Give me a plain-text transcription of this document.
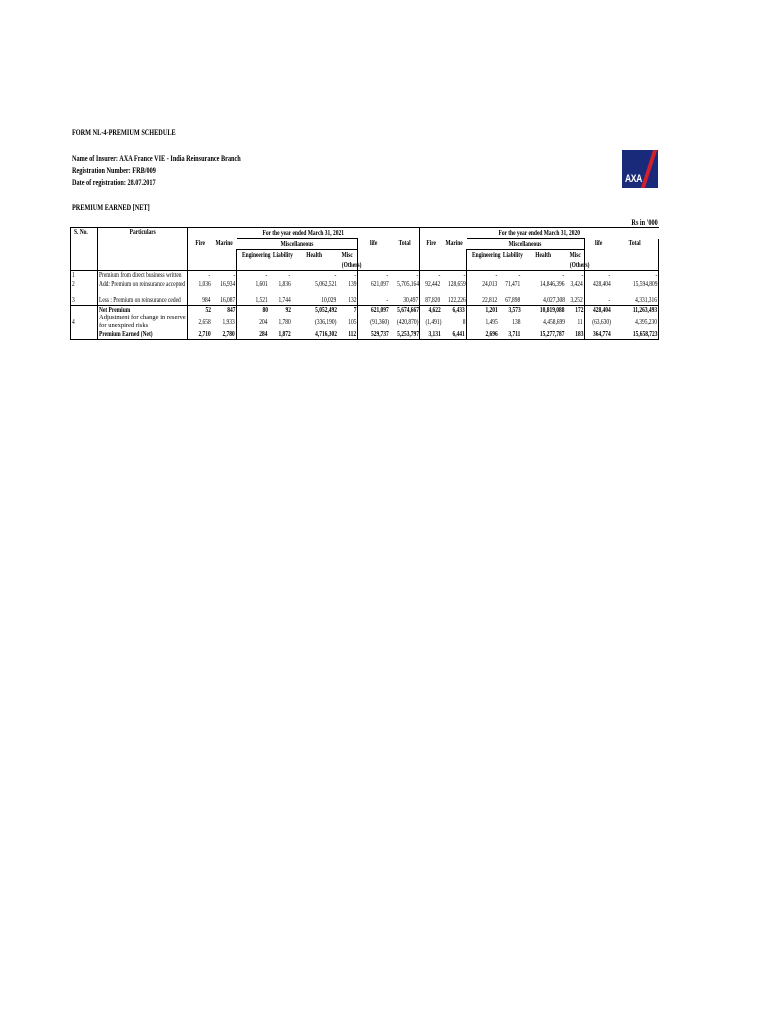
FORM NL-4-PREMIUM SCHEDULE
Name of Insurer: AXA France VIE - India Reinsurance Branch
Registration Number: FRB/009
Date of registration: 28.07.2017
PREMIUM EARNED [NET]
AXA
Rs in '000
S. No.	Particulars	For the year ended March 31, 2021								For the year ended March 31, 2020							
		Fire	Marine	Miscellaneous				life	Total	Fire	Marine	Miscellaneous				life	Total
				Engineering	Liability	Health	Misc					Engineering	Liability	Health	Misc		
							(Others)								(Others)		
1	Premium from direct business written	-	-	-	-	-	-	-	-	-	-	-	-	-	-	-	-
2	Add: Premium on reinsurance accepted	1,036	16,934	1,601	1,836	5,062,521	139	621,097	5,705,164	92,442	128,659	24,013	71,471	14,846,396	3,424	428,404	15,594,809
3	Less : Premium on reinsurance ceded	984	16,087	1,521	1,744	10,029	132	-	30,497	87,820	122,226	22,812	67,898	4,027,308	3,252	-	4,331,316
	Net Premium	52	847	80	92	5,052,492	7	621,097	5,674,667	4,622	6,433	1,201	3,573	10,819,088	172	428,404	11,263,493
4	Adjustment for change in reserve for unexpired risks	2,658	1,933	204	1,780	(336,190)	105	(91,360)	(420,870)	(1,491)	8	1,495	138	4,458,699	11	(63,630)	4,395,230
	Premium Earned (Net)	2,710	2,780	284	1,872	4,716,302	112	529,737	5,253,797	3,131	6,441	2,696	3,711	15,277,787	183	364,774	15,658,723
